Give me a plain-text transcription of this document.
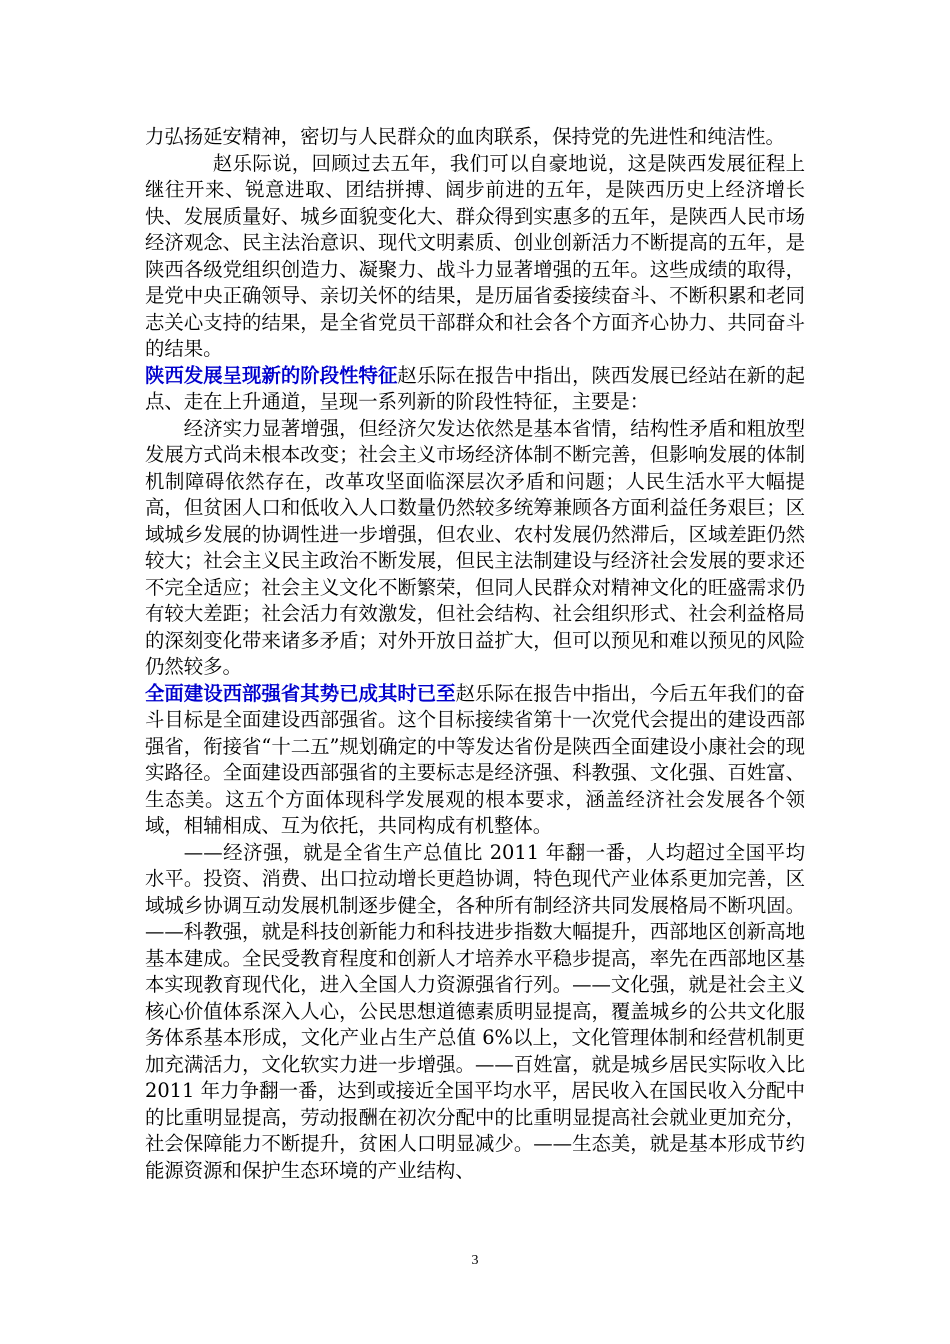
力弘扬延安精神，密切与人民群众的血肉联系，保持党的先进性和纯洁性。

赵乐际说，回顾过去五年，我们可以自豪地说，这是陕西发展征程上继往开来、锐意进取、团结拼搏、阔步前进的五年，是陕西历史上经济增长快、发展质量好、城乡面貌变化大、群众得到实惠多的五年，是陕西人民市场经济观念、民主法治意识、现代文明素质、创业创新活力不断提高的五年，是陕西各级党组织创造力、凝聚力、战斗力显著增强的五年。这些成绩的取得，是党中央正确领导、亲切关怀的结果，是历届省委接续奋斗、不断积累和老同志关心支持的结果，是全省党员干部群众和社会各个方面齐心协力、共同奋斗的结果。

陕西发展呈现新的阶段性特征赵乐际在报告中指出，陕西发展已经站在新的起点、走在上升通道，呈现一系列新的阶段性特征，主要是：

经济实力显著增强，但经济欠发达依然是基本省情，结构性矛盾和粗放型发展方式尚未根本改变；社会主义市场经济体制不断完善，但影响发展的体制机制障碍依然存在，改革攻坚面临深层次矛盾和问题；人民生活水平大幅提高，但贫困人口和低收入人口数量仍然较多统筹兼顾各方面利益任务艰巨；区域城乡发展的协调性进一步增强，但农业、农村发展仍然滞后，区域差距仍然较大；社会主义民主政治不断发展，但民主法制建设与经济社会发展的要求还不完全适应；社会主义文化不断繁荣，但同人民群众对精神文化的旺盛需求仍有较大差距；社会活力有效激发，但社会结构、社会组织形式、社会利益格局的深刻变化带来诸多矛盾；对外开放日益扩大，但可以预见和难以预见的风险仍然较多。

全面建设西部强省其势已成其时已至赵乐际在报告中指出，今后五年我们的奋斗目标是全面建设西部强省。这个目标接续省第十一次党代会提出的建设西部强省，衔接省“十二五”规划确定的中等发达省份是陕西全面建设小康社会的现实路径。全面建设西部强省的主要标志是经济强、科教强、文化强、百姓富、生态美。这五个方面体现科学发展观的根本要求，涵盖经济社会发展各个领域，相辅相成、互为依托，共同构成有机整体。

——经济强，就是全省生产总值比 2011 年翻一番，人均超过全国平均水平。投资、消费、出口拉动增长更趋协调，特色现代产业体系更加完善，区域城乡协调互动发展机制逐步健全，各种所有制经济共同发展格局不断巩固。——科教强，就是科技创新能力和科技进步指数大幅提升，西部地区创新高地基本建成。全民受教育程度和创新人才培养水平稳步提高，率先在西部地区基本实现教育现代化，进入全国人力资源强省行列。——文化强，就是社会主义核心价值体系深入人心，公民思想道德素质明显提高，覆盖城乡的公共文化服务体系基本形成，文化产业占生产总值 6%以上，文化管理体制和经营机制更加充满活力，文化软实力进一步增强。——百姓富，就是城乡居民实际收入比 2011 年力争翻一番，达到或接近全国平均水平，居民收入在国民收入分配中的比重明显提高，劳动报酬在初次分配中的比重明显提高社会就业更加充分，社会保障能力不断提升，贫困人口明显减少。——生态美，就是基本形成节约能源资源和保护生态环境的产业结构、

3
